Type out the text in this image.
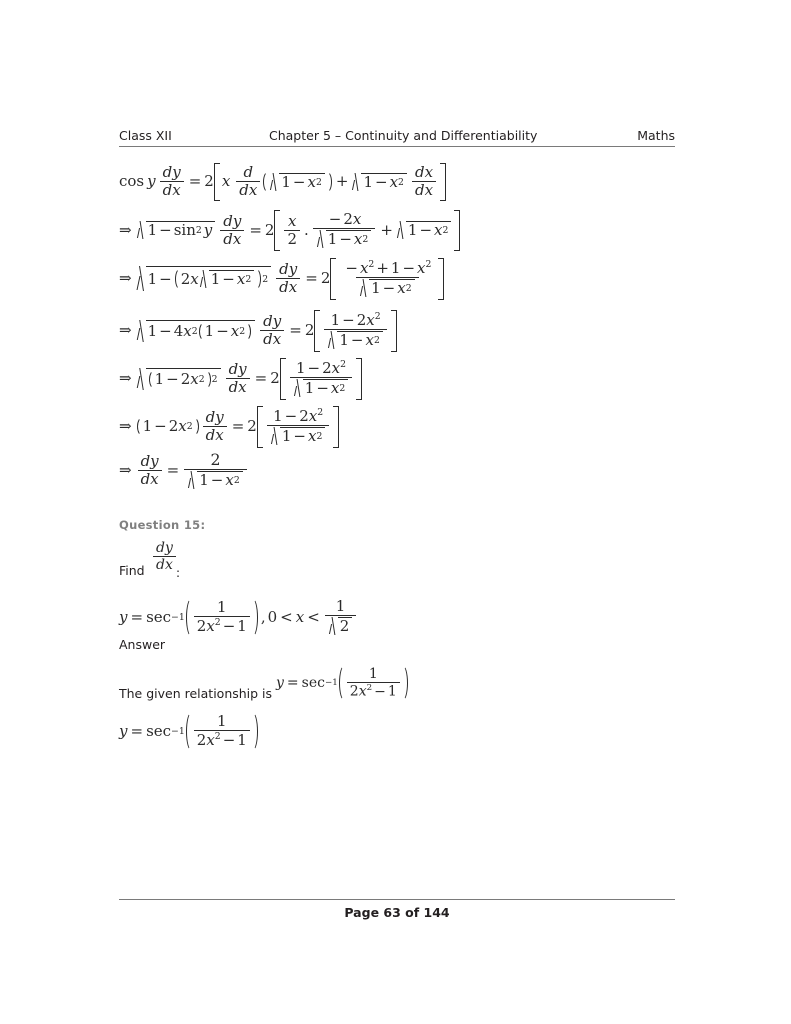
Class XII	Chapter 5 – Continuity and Differentiability	Maths
cos y $\frac{dy}{dx} = 2$ x $\frac{d}{dx} 1 - x$ 2 + 1 − x $2 \frac{dx}{dx}$
⇒ 1 − sin 2 y $\frac{dy}{dx} = 2 \frac{x}{2}$ . $\frac{- 2x}{1 - x 2} + 1 - x$ 2
⇒ 1 − 2 x 1 − x 2 $2 \frac{dy}{dx} = 2 \frac{- x^2 + 1 - x^2}{1 - x 2}$
⇒ 1 − 4 x 2 1 − x $2 \frac{dy}{dx} = 2 \frac{1 - 2x^2}{1 - x 2}$
⇒ 1 − 2 x 2 $2 \frac{dy}{dx} = 2 \frac{1 - 2x^2}{1 - x 2}$
⇒ 1 − 2 x $2 \frac{dy}{dx} = 2 \frac{1 - 2x^2}{1 - x 2}$
⇒ $\frac{dy}{dx} = \frac{2}{1 - x 2}$
Question 15:
Find $\frac{dy}{dx}$
:
$y = \sec -1 \frac{1}{2x^2 - 1}$ , $0 < x < \frac{1}{2}$
Answer
The given relationship is
$y = \sec -1 \frac{1}{2x^2 - 1}$
$y = \sec -1 \frac{1}{2x^2 - 1}$
Page 63 of 144
